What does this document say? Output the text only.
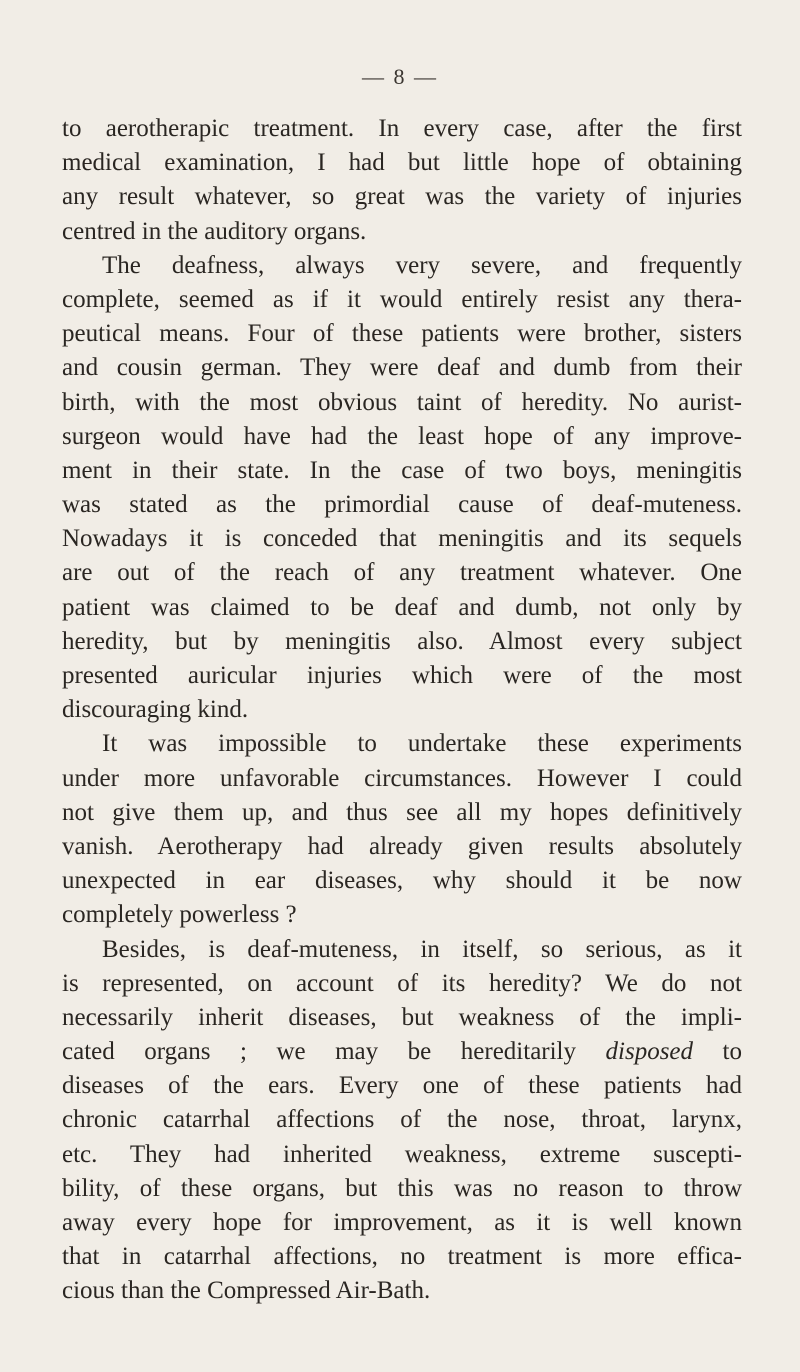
— 8 —
to aerotherapic treatment. In every case, after the first
medical examination, I had but little hope of obtaining
any result whatever, so great was the variety of injuries
centred in the auditory organs.
The deafness, always very severe, and frequently
complete, seemed as if it would entirely resist any thera-
peutical means. Four of these patients were brother, sisters
and cousin german. They were deaf and dumb from their
birth, with the most obvious taint of heredity. No aurist-
surgeon would have had the least hope of any improve-
ment in their state. In the case of two boys, meningitis
was stated as the primordial cause of deaf-muteness.
Nowadays it is conceded that meningitis and its sequels
are out of the reach of any treatment whatever. One
patient was claimed to be deaf and dumb, not only by
heredity, but by meningitis also. Almost every subject
presented auricular injuries which were of the most
discouraging kind.
It was impossible to undertake these experiments
under more unfavorable circumstances. However I could
not give them up, and thus see all my hopes definitively
vanish. Aerotherapy had already given results absolutely
unexpected in ear diseases, why should it be now
completely powerless ?
Besides, is deaf-muteness, in itself, so serious, as it
is represented, on account of its heredity? We do not
necessarily inherit diseases, but weakness of the impli-
cated organs ; we may be hereditarily disposed to
diseases of the ears. Every one of these patients had
chronic catarrhal affections of the nose, throat, larynx,
etc. They had inherited weakness, extreme suscepti-
bility, of these organs, but this was no reason to throw
away every hope for improvement, as it is well known
that in catarrhal affections, no treatment is more effica-
cious than the Compressed Air-Bath.
